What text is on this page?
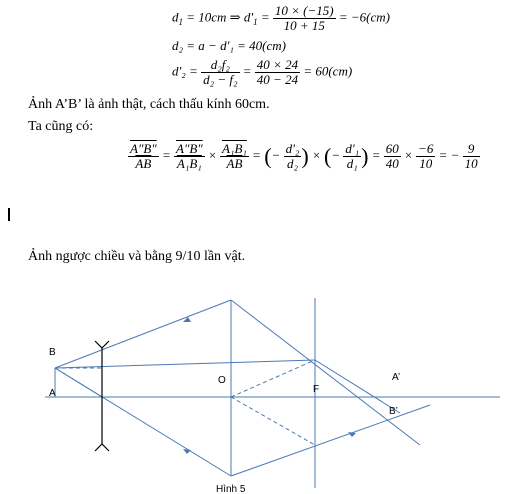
$d_1 = 10cm$ ⇒ $d'_1 = \frac{10 \times (-15)}{10 + 15} = -6(cm)$
d₂ = a − d'₁ = 40(cm)
$d'_2 = \frac{\text{d₂f₂}}{\text{d₂ − f₂}} = \frac{40 \times 24}{40 - 24} = 60(cm)$
Ảnh A’B’ là ảnh thật, cách thấu kính 60cm.
Ta cũng có:
$\frac{A''B''}{AB} = \frac{A''B''}{\text{A₁B₁}} \times \frac{\text{A₁B₁}}{AB}$ = (− $\frac{\text{d'₂}}{\text{d₂}}$ ) × (− $\frac{\text{d'₁}}{\text{d₁}}$ ) = $\frac{60}{40} \times \frac{-6}{10}$ = − $\frac{9}{10}$
Ảnh ngược chiều và bằng 9/10 lần vật.
B
A
O
F
A’
B’
Hình 5
